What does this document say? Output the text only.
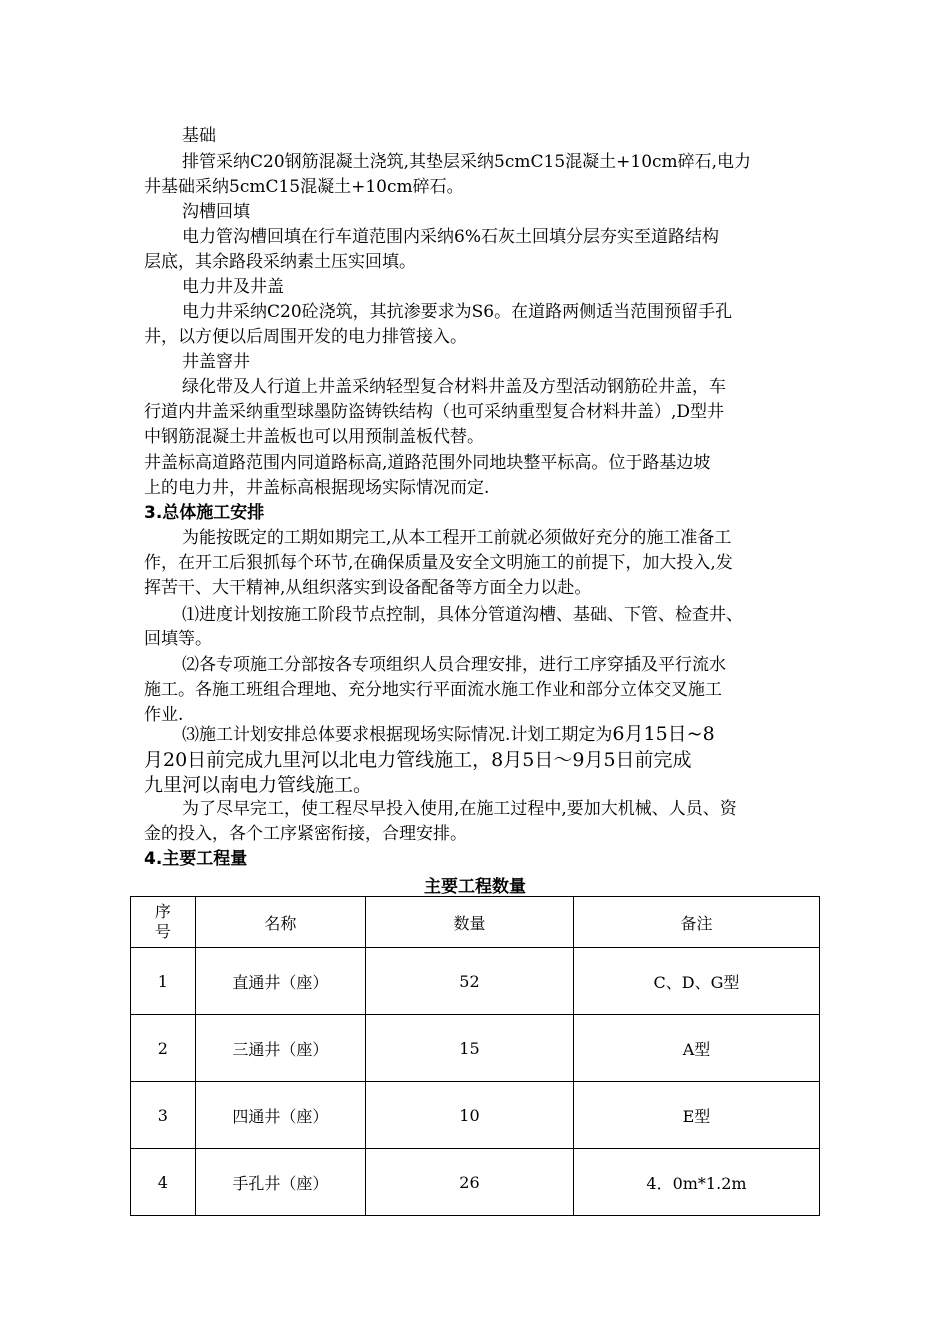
基础
排管采纳C20钢筋混凝土浇筑,其垫层采纳5cmC15混凝土+10cm碎石,电力
井基础采纳5cmC15混凝土+10cm碎石。
沟槽回填
电力管沟槽回填在行车道范围内采纳6%石灰土回填分层夯实至道路结构
层底，其余路段采纳素土压实回填。
电力井及井盖
电力井采纳C20砼浇筑，其抗渗要求为S6。在道路两侧适当范围预留手孔
井，以方便以后周围开发的电力排管接入。
井盖窨井
绿化带及人行道上井盖采纳轻型复合材料井盖及方型活动钢筋砼井盖，车
行道内井盖采纳重型球墨防盗铸铁结构（也可采纳重型复合材料井盖）,D型井
中钢筋混凝土井盖板也可以用预制盖板代替。
井盖标高道路范围内同道路标高,道路范围外同地块整平标高。位于路基边坡
上的电力井，井盖标高根据现场实际情况而定.
3.总体施工安排
为能按既定的工期如期完工,从本工程开工前就必须做好充分的施工准备工
作，在开工后狠抓每个环节,在确保质量及安全文明施工的前提下，加大投入,发
挥苦干、大干精神,从组织落实到设备配备等方面全力以赴。
⑴进度计划按施工阶段节点控制，具体分管道沟槽、基础、下管、检查井、
回填等。
⑵各专项施工分部按各专项组织人员合理安排，进行工序穿插及平行流水
施工。各施工班组合理地、充分地实行平面流水施工作业和部分立体交叉施工
作业.
⑶施工计划安排总体要求根据现场实际情况.计划工期定为6月15日~8
月20日前完成九里河以北电力管线施工，8月5日～9月5日前完成
九里河以南电力管线施工。
为了尽早完工，使工程尽早投入使用,在施工过程中,要加大机械、人员、资
金的投入，各个工序紧密衔接，合理安排。
4.主要工程量
主要工程数量
序
号	名称	数量	备注
1	直通井（座）	52	C、D、G型
2	三通井（座）	15	A型
3	四通井（座）	10	E型
4	手孔井（座）	26	4．0m*1.2m
